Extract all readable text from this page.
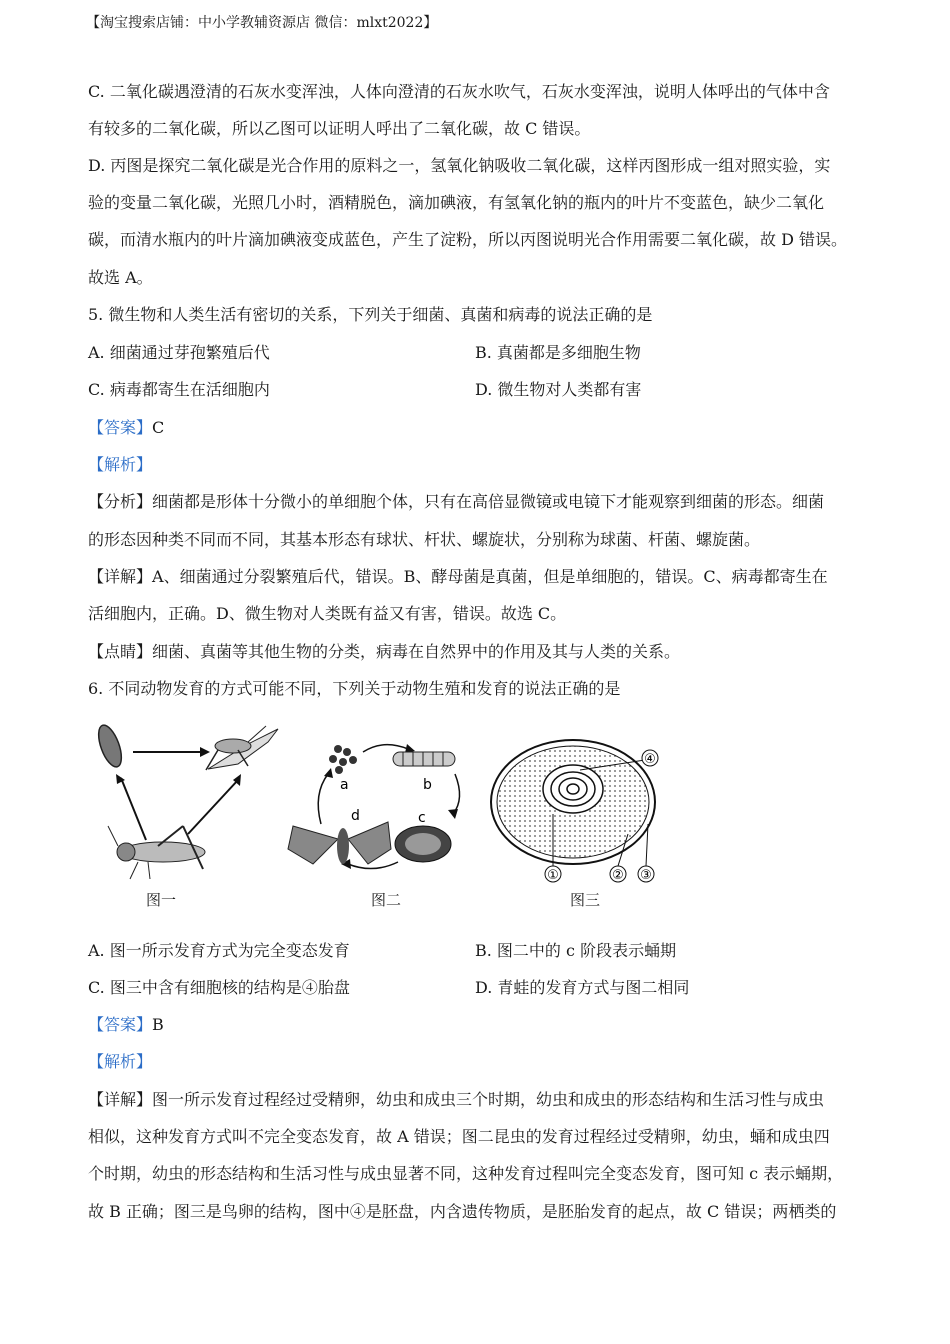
【淘宝搜索店铺：中小学教辅资源店 微信：mlxt2022】
C. 二氧化碳遇澄清的石灰水变浑浊，人体向澄清的石灰水吹气，石灰水变浑浊，说明人体呼出的气体中含
有较多的二氧化碳，所以乙图可以证明人呼出了二氧化碳，故 C 错误。
D. 丙图是探究二氧化碳是光合作用的原料之一，氢氧化钠吸收二氧化碳，这样丙图形成一组对照实验，实
验的变量二氧化碳，光照几小时，酒精脱色，滴加碘液，有氢氧化钠的瓶内的叶片不变蓝色，缺少二氧化
碳，而清水瓶内的叶片滴加碘液变成蓝色，产生了淀粉，所以丙图说明光合作用需要二氧化碳，故 D 错误。
故选 A。
5. 微生物和人类生活有密切的关系，下列关于细菌、真菌和病毒的说法正确的是
A. 细菌通过芽孢繁殖后代	B. 真菌都是多细胞生物
C. 病毒都寄生在活细胞内	D. 微生物对人类都有害
【答案】C
【解析】
【分析】细菌都是形体十分微小的单细胞个体，只有在高倍显微镜或电镜下才能观察到细菌的形态。细菌
的形态因种类不同而不同，其基本形态有球状、杆状、螺旋状，分别称为球菌、杆菌、螺旋菌。
【详解】A、细菌通过分裂繁殖后代，错误。B、酵母菌是真菌，但是单细胞的，错误。C、病毒都寄生在
活细胞内，正确。D、微生物对人类既有益又有害，错误。故选 C。
【点睛】细菌、真菌等其他生物的分类，病毒在自然界中的作用及其与人类的关系。
6. 不同动物发育的方式可能不同，下列关于动物生殖和发育的说法正确的是
图一
a	b
c
d
图二
④
①	② ③
图三
A. 图一所示发育方式为完全变态发育	B. 图二中的 c 阶段表示蛹期
C. 图三中含有细胞核的结构是④胎盘	D. 青蛙的发育方式与图二相同
【答案】B
【解析】
【详解】图一所示发育过程经过受精卵，幼虫和成虫三个时期，幼虫和成虫的形态结构和生活习性与成虫
相似，这种发育方式叫不完全变态发育，故 A 错误；图二昆虫的发育过程经过受精卵，幼虫，蛹和成虫四
个时期，幼虫的形态结构和生活习性与成虫显著不同，这种发育过程叫完全变态发育，图可知 c 表示蛹期，
故 B 正确；图三是鸟卵的结构，图中④是胚盘，内含遗传物质，是胚胎发育的起点，故 C 错误；两栖类的
